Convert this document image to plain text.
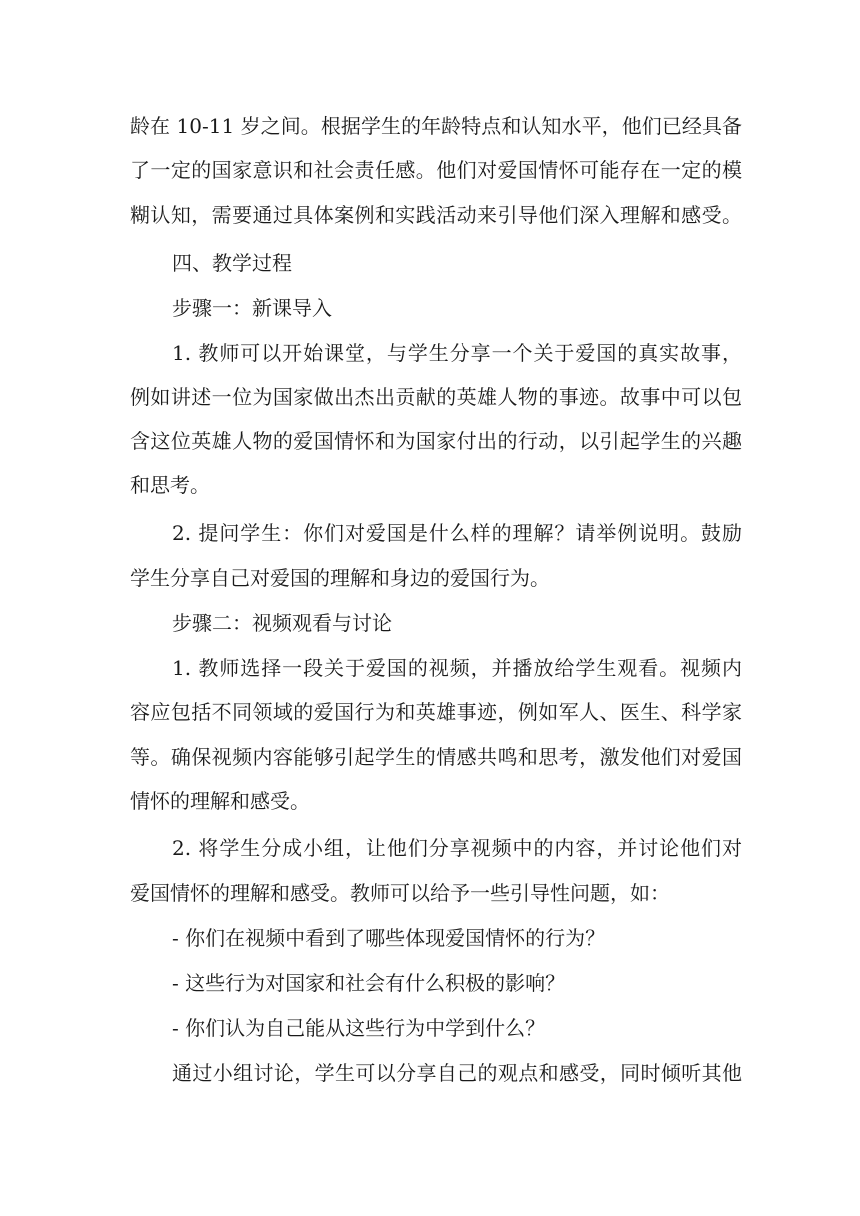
龄在 10-11 岁之间。根据学生的年龄特点和认知水平，他们已经具备
了一定的国家意识和社会责任感。他们对爱国情怀可能存在一定的模
糊认知，需要通过具体案例和实践活动来引导他们深入理解和感受。
四、教学过程
步骤一：新课导入
1. 教师可以开始课堂，与学生分享一个关于爱国的真实故事，
例如讲述一位为国家做出杰出贡献的英雄人物的事迹。故事中可以包
含这位英雄人物的爱国情怀和为国家付出的行动，以引起学生的兴趣
和思考。
2. 提问学生：你们对爱国是什么样的理解？请举例说明。鼓励
学生分享自己对爱国的理解和身边的爱国行为。
步骤二：视频观看与讨论
1. 教师选择一段关于爱国的视频，并播放给学生观看。视频内
容应包括不同领域的爱国行为和英雄事迹，例如军人、医生、科学家
等。确保视频内容能够引起学生的情感共鸣和思考，激发他们对爱国
情怀的理解和感受。
2. 将学生分成小组，让他们分享视频中的内容，并讨论他们对
爱国情怀的理解和感受。教师可以给予一些引导性问题，如：
- 你们在视频中看到了哪些体现爱国情怀的行为？
- 这些行为对国家和社会有什么积极的影响？
- 你们认为自己能从这些行为中学到什么？
通过小组讨论，学生可以分享自己的观点和感受，同时倾听其他
